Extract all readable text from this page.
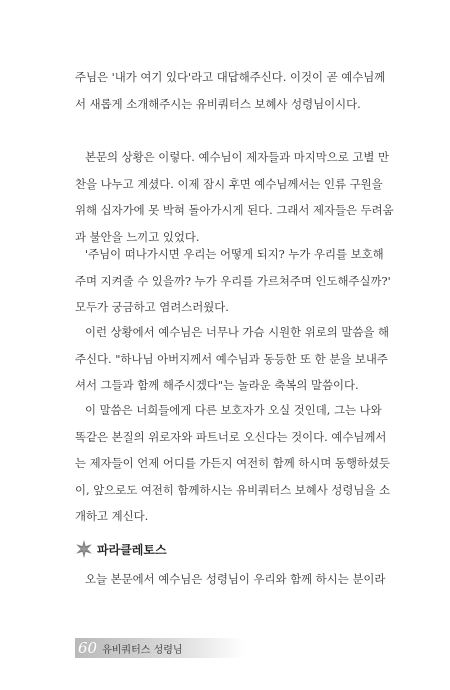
주님은 '내가 여기 있다'라고 대답해주신다. 이것이 곧 예수님께
서 새롭게 소개해주시는 유비쿼터스 보혜사 성령님이시다.

본문의 상황은 이렇다. 예수님이 제자들과 마지막으로 고별 만
찬을 나누고 계셨다. 이제 잠시 후면 예수님께서는 인류 구원을
위해 십자가에 못 박혀 돌아가시게 된다. 그래서 제자들은 두려움
과 불안을 느끼고 있었다.

'주님이 떠나가시면 우리는 어떻게 되지? 누가 우리를 보호해
주며 지켜줄 수 있을까? 누가 우리를 가르쳐주며 인도해주실까?'
모두가 궁금하고 염려스러웠다.

이런 상황에서 예수님은 너무나 가슴 시원한 위로의 말씀을 해
주신다. "하나님 아버지께서 예수님과 동등한 또 한 분을 보내주
셔서 그들과 함께 해주시겠다"는 놀라운 축복의 말씀이다.

이 말씀은 너희들에게 다른 보호자가 오실 것인데, 그는 나와
똑같은 본질의 위로자와 파트너로 오신다는 것이다. 예수님께서
는 제자들이 언제 어디를 가든지 여전히 함께 하시며 동행하셨듯
이, 앞으로도 여전히 함께하시는 유비쿼터스 보혜사 성령님을 소
개하고 계신다.

파라클레토스

오늘 본문에서 예수님은 성령님이 우리와 함께 하시는 분이라

60 유비쿼터스 성령님
